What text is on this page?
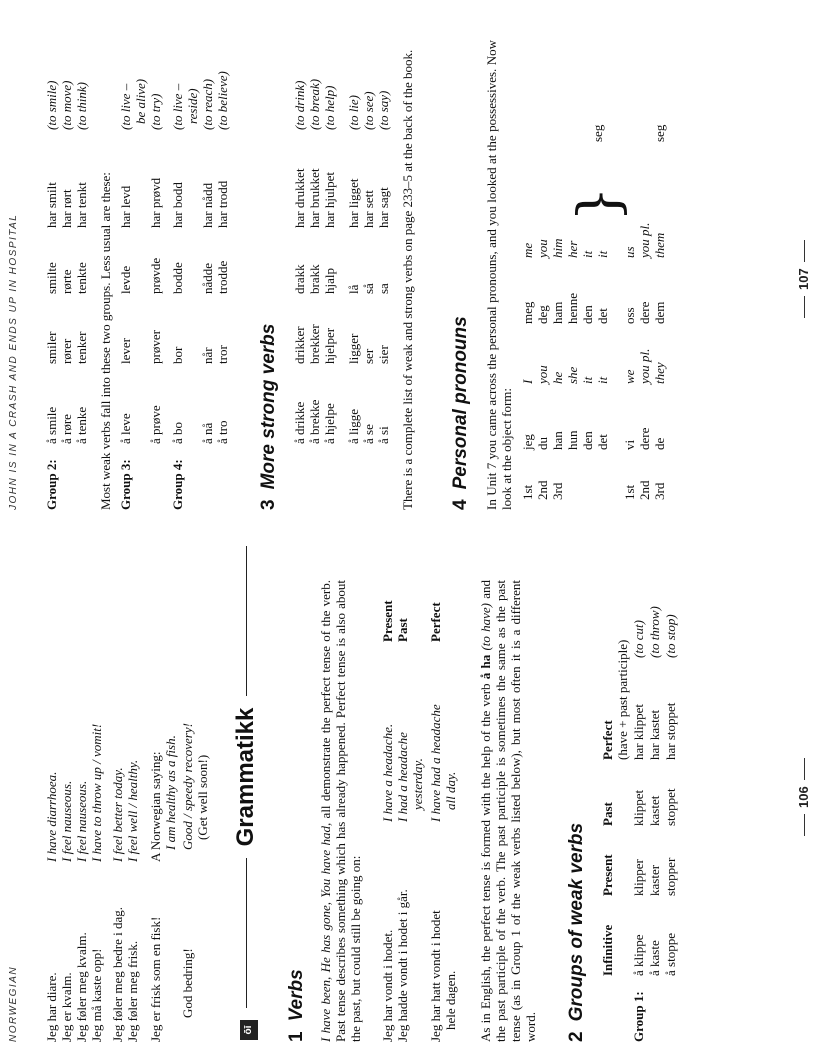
NORWEGIAN Jeg har diare.

I have diarrhoea.

Jeg er kvalm.

I feel nauseous.

Jeg føler meg kvalm.

I feel nauseous.

Jeg må kaste opp!

I have to throw up / vomit!

Jeg føler meg bedre i dag.

I feel better today.

Jeg føler meg frisk.

I feel well / healthy.

Jeg er frisk som en fisk!

A Norwegian saying: I am healthy as a fish.

God bedring!

Good / speedy recovery! (Get well soon!)

ōī
Grammatikk
1Verbs I have been, He has gone, You have had, all demonstrate the perfect tense of the verb. Past tense describes something which has already happened. Perfect tense is also about the past, but could still be going on: Jeg har vondt i hodet.

I have a headache.

Present

Jeg hadde vondt i hodet i går.

I had a headache yesterday.

Past

Jeg har hatt vondt i hodet hele dagen.

I have had a headache all day.

Perfect

As in English, the perfect tense is formed with the help of the verb å ha (to have) and the past participle of the verb. The past participle is sometimes the same as the past tense (as in Group 1 of the weak verbs listed below), but most often it is a different word. 2Groups of weak verbs Infinitive

Present

Past

Perfect (have + past participle)

Group 1:

å klippe

klipper

klippet

har klippet

(to cut)

å kaste

kaster

kastet

har kastet

(to throw)

å stoppe

stopper

stoppet

har stoppet

(to stop)

106
JOHN IS IN A CRASH AND ENDS UP IN HOSPITAL Group 2:

å smile

smiler

smilte

har smilt

(to smile)

å røre

rører

rørte

har rørt

(to move)

å tenke

tenker

tenkte

har tenkt

(to think)

Most weak verbs fall into these two groups. Less usual are these: Group 3:

å leve

lever

levde

har levd

(to live – be alive)

å prøve

prøver

prøvde

har prøvd

(to try)

Group 4:

å bo

bor

bodde

har bodd

(to live – reside)

å nå

når

nådde

har nådd

(to reach)

å tro

tror

trodde

har trodd

(to believe)

3More strong verbs å drikke

drikker

drakk

har drukket

(to drink)

å brekke

brekker

brakk

har brukket

(to break)

å hjelpe

hjelper

hjalp

har hjulpet

(to help)

å ligge

ligger

lå

har ligget

(to lie)

å se

ser

så

har sett

(to see)

å si

sier

sa

har sagt

(to say) There is a complete list of weak and strong verbs on page 233–5 at the back of the book. 4Personal pronouns In Unit 7 you came across the personal pronouns, and you looked at the possessives. Now look at the object form: 1st

jeg

I

meg

me

2nd

du

you

deg

you

3rd

han

he

ham

him

hun

she

henne

her

den

it

den

it

det

it

det

it

}

seg

1st

vi

we

oss

us

2nd

dere

you pl.

dere

you pl.

3rd

de

they

dem

them

seg

107
